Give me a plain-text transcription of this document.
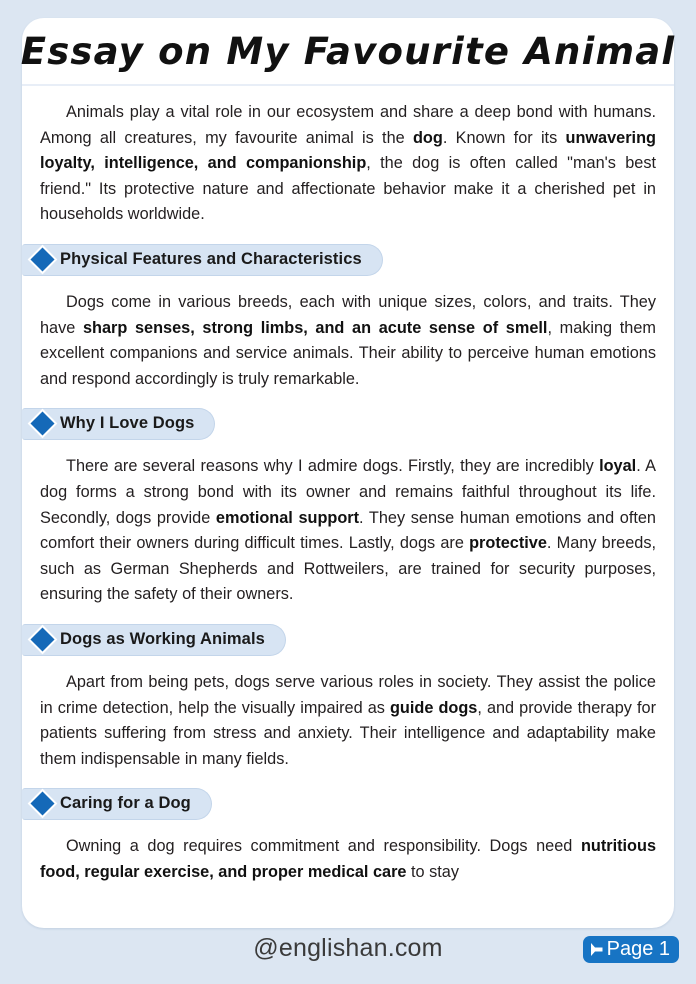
Essay on My Favourite Animal

Animals play a vital role in our ecosystem and share a deep bond with humans. Among all creatures, my favourite animal is the dog. Known for its unwavering loyalty, intelligence, and companionship, the dog is often called "man's best friend." Its protective nature and affectionate behavior make it a cherished pet in households worldwide.

Physical Features and Characteristics

Dogs come in various breeds, each with unique sizes, colors, and traits. They have sharp senses, strong limbs, and an acute sense of smell, making them excellent companions and service animals. Their ability to perceive human emotions and respond accordingly is truly remarkable.

Why I Love Dogs

There are several reasons why I admire dogs. Firstly, they are incredibly loyal. A dog forms a strong bond with its owner and remains faithful throughout its life. Secondly, dogs provide emotional support. They sense human emotions and often comfort their owners during difficult times. Lastly, dogs are protective. Many breeds, such as German Shepherds and Rottweilers, are trained for security purposes, ensuring the safety of their owners.

Dogs as Working Animals

Apart from being pets, dogs serve various roles in society. They assist the police in crime detection, help the visually impaired as guide dogs, and provide therapy for patients suffering from stress and anxiety. Their intelligence and adaptability make them indispensable in many fields.

Caring for a Dog

Owning a dog requires commitment and responsibility. Dogs need nutritious food, regular exercise, and proper medical care to stay

@englishan.com	Page 1
